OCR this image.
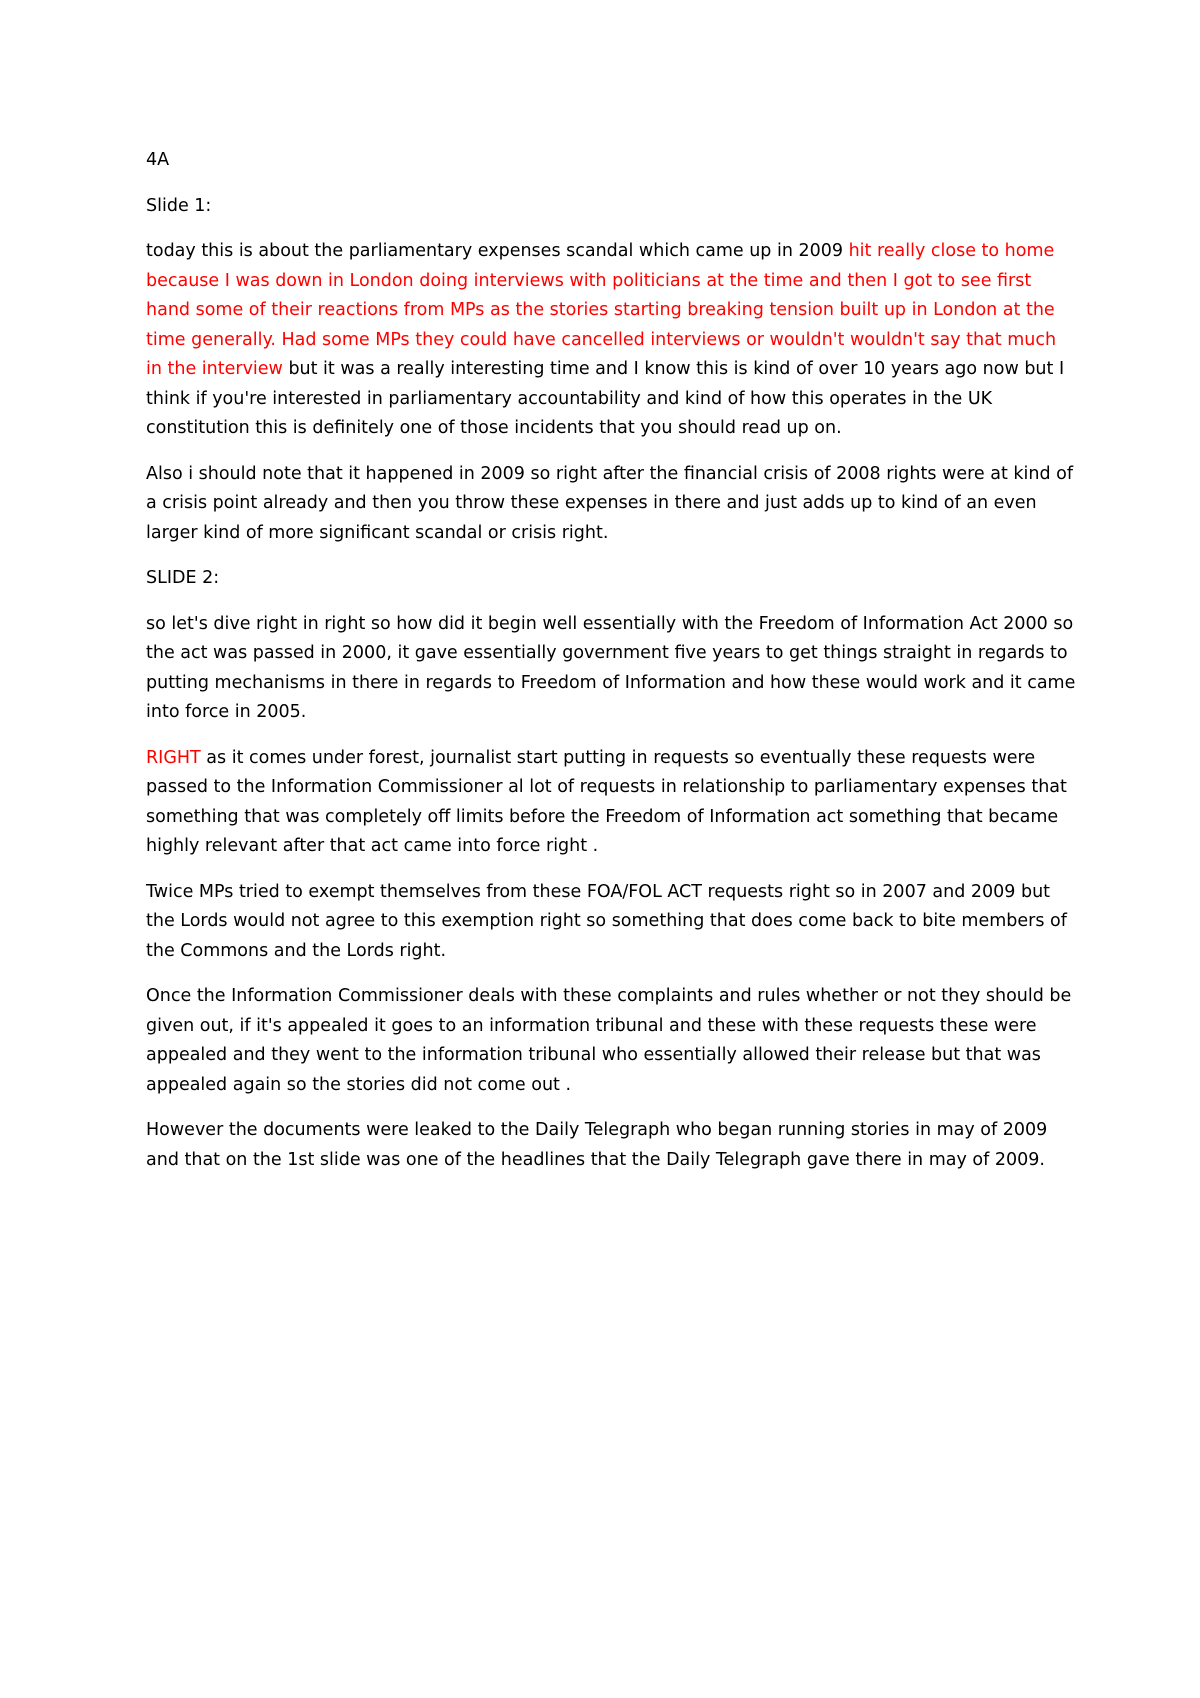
4A

Slide 1:

today this is about the parliamentary expenses scandal which came up in 2009 hit really close to home because I was down in London doing interviews with politicians at the time and then I got to see first hand some of their reactions from MPs as the stories starting breaking tension built up in London at the time generally. Had some MPs they could have cancelled interviews or wouldn't wouldn't say that much in the interview but it was a really interesting time and I know this is kind of over 10 years ago now but I think if you're interested in parliamentary accountability and kind of how this operates in the UK constitution this is definitely one of those incidents that you should read up on.

Also i should note that it happened in 2009 so right after the financial crisis of 2008 rights were at kind of a crisis point already and then you throw these expenses in there and just adds up to kind of an even larger kind of more significant scandal or crisis right.

SLIDE 2:

so let's dive right in right so how did it begin well essentially with the Freedom of Information Act 2000 so the act was passed in 2000, it gave essentially government five years to get things straight in regards to putting mechanisms in there in regards to Freedom of Information and how these would work and it came into force in 2005.

RIGHT as it comes under forest, journalist start putting in requests so eventually these requests were passed to the Information Commissioner al lot of requests in relationship to parliamentary expenses that something that was completely off limits before the Freedom of Information act something that became highly relevant after that act came into force right .

Twice MPs tried to exempt themselves from these FOA/FOL ACT requests right so in 2007 and 2009 but the Lords would not agree to this exemption right so something that does come back to bite members of the Commons and the Lords right.

Once the Information Commissioner deals with these complaints and rules whether or not they should be given out, if it's appealed it goes to an information tribunal and these with these requests these were appealed and they went to the information tribunal who essentially allowed their release but that was appealed again so the stories did not come out .

However the documents were leaked to the Daily Telegraph who began running stories in may of 2009 and that on the 1st slide was one of the headlines that the Daily Telegraph gave there in may of 2009.
